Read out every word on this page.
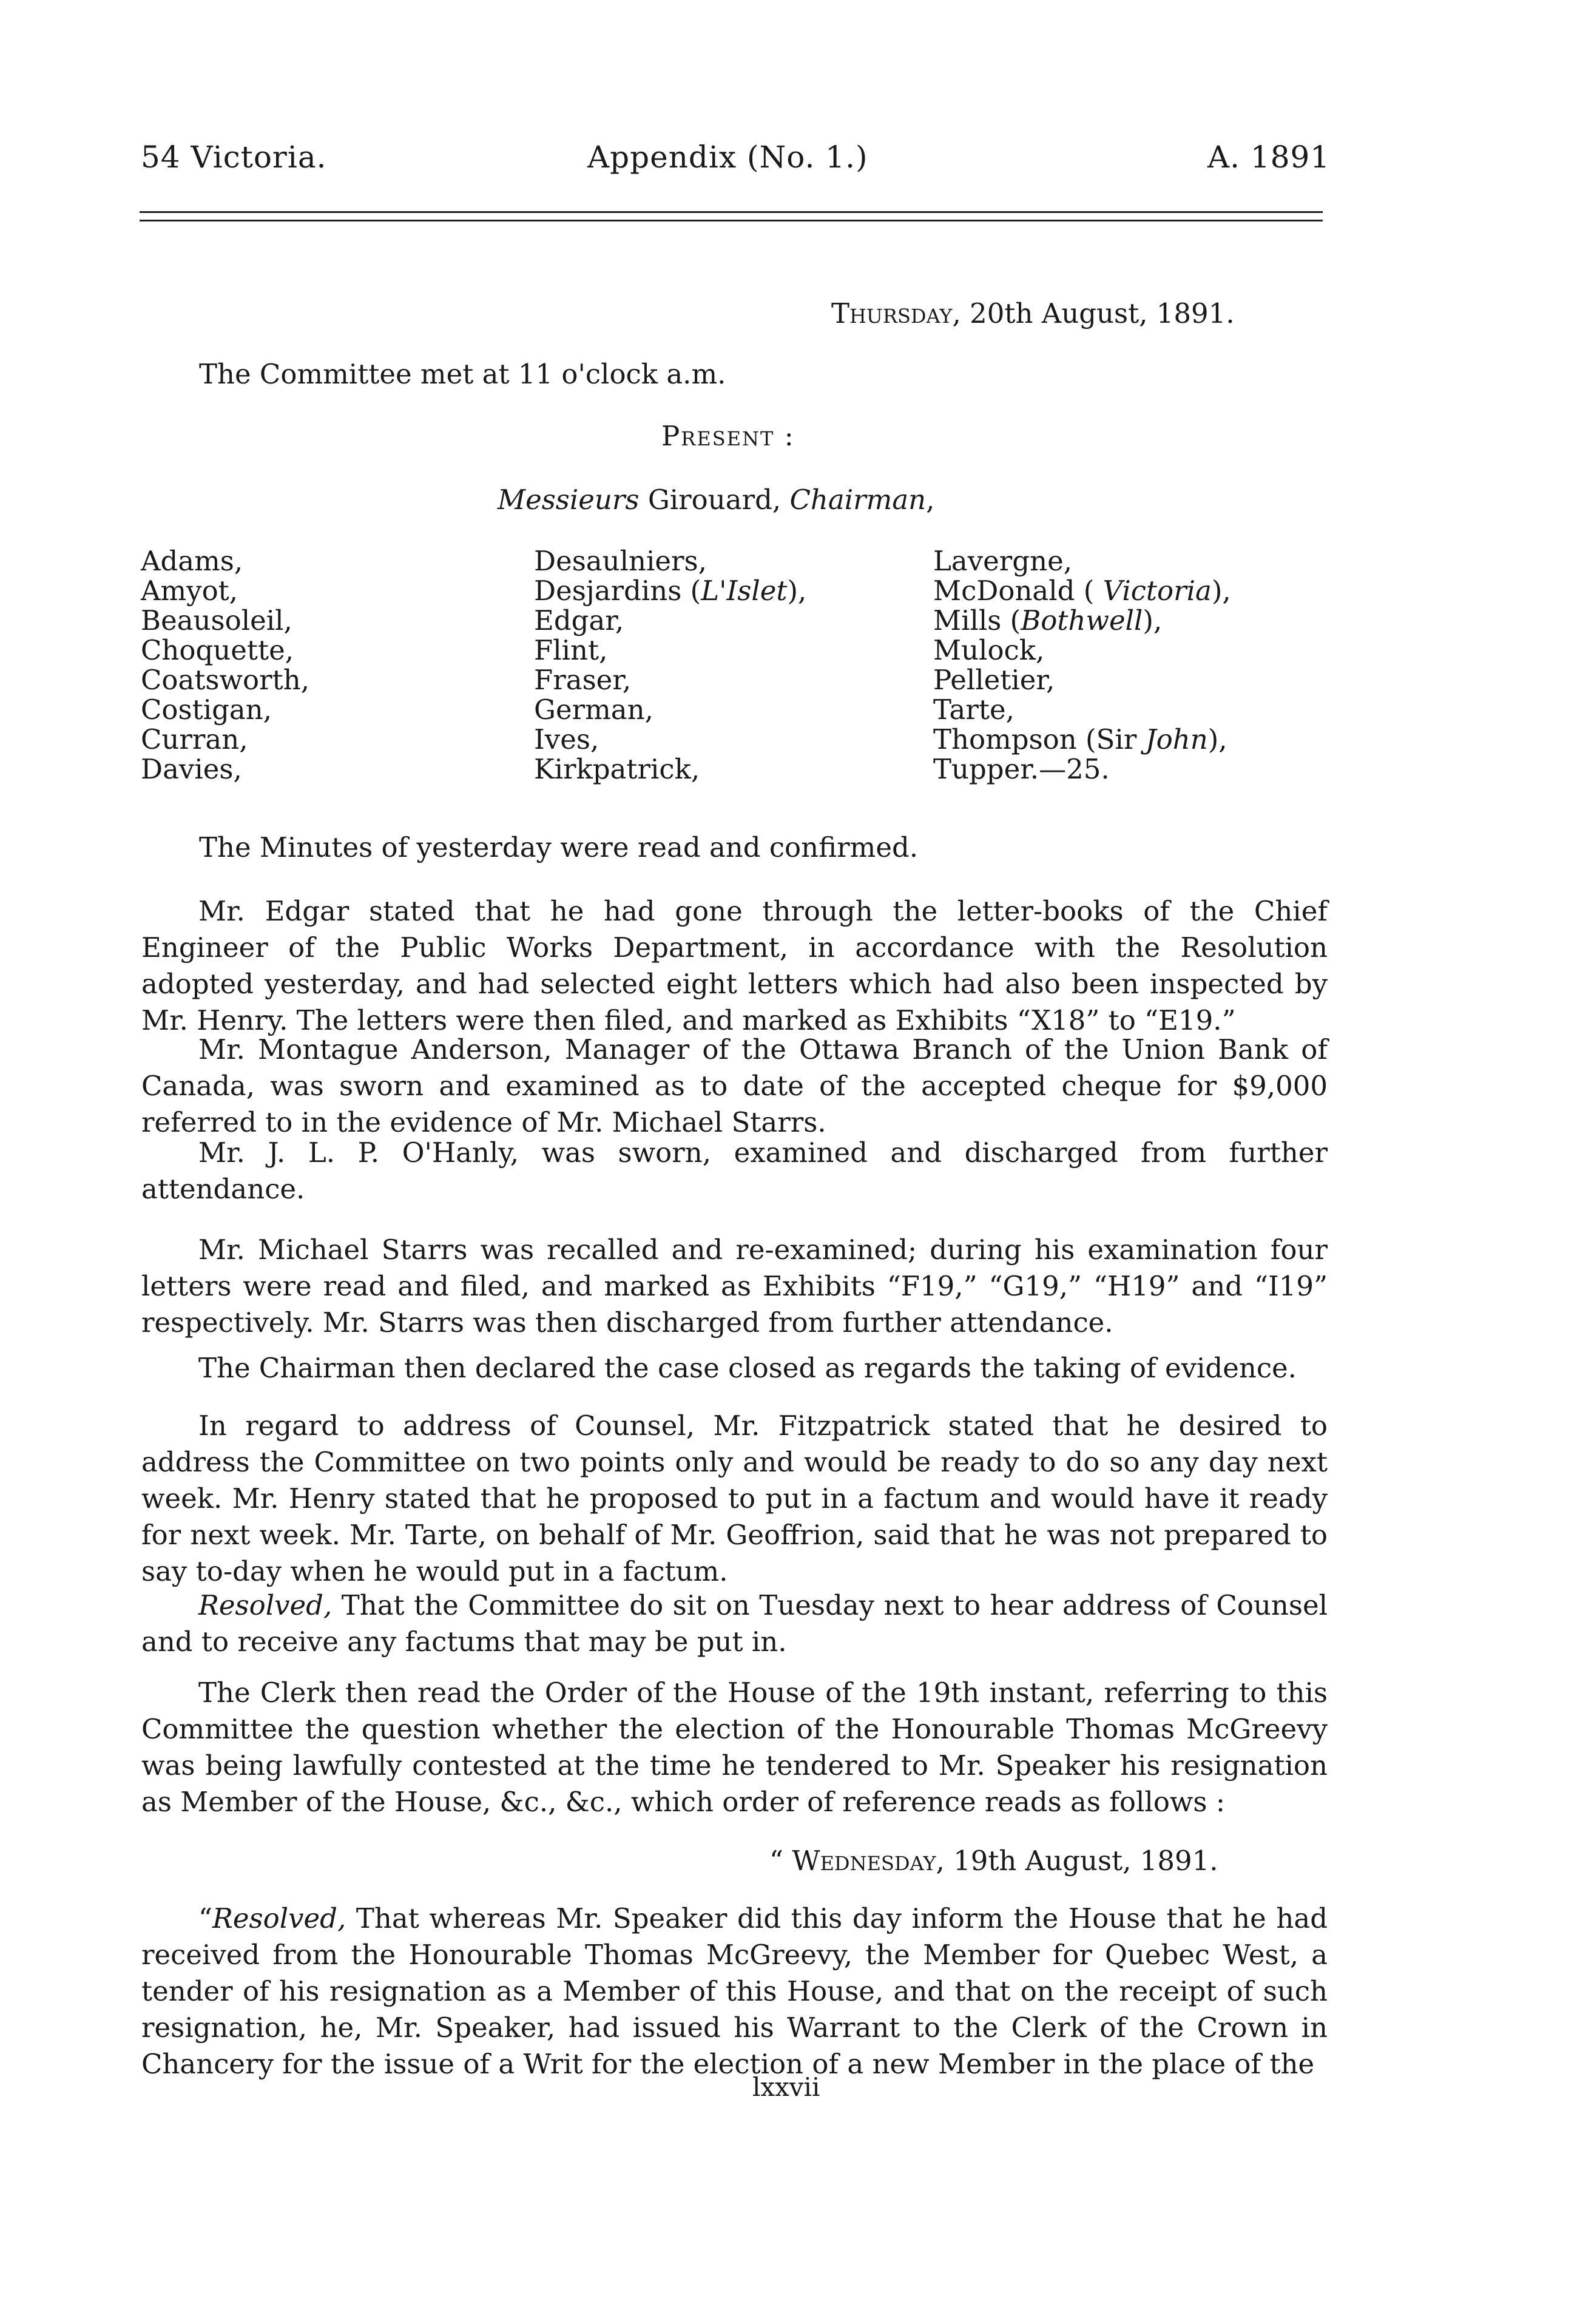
54 Victoria.	Appendix (No. 1.)	A. 1891
Thursday, 20th August, 1891.
The Committee met at 11 o'clock a.m.
Present :
Messieurs Girouard, Chairman,
Adams,
Amyot,
Beausoleil,
Choquette,
Coatsworth,
Costigan,
Curran,
Davies,
Desaulniers,
Desjardins (L'Islet),
Edgar,
Flint,
Fraser,
German,
Ives,
Kirkpatrick,
Lavergne,
McDonald ( Victoria),
Mills (Bothwell),
Mulock,
Pelletier,
Tarte,
Thompson (Sir John),
Tupper.—25.
The Minutes of yesterday were read and confirmed.
Mr. Edgar stated that he had gone through the letter-books of the Chief Engineer of the Public Works Department, in accordance with the Resolution adopted yesterday, and had selected eight letters which had also been inspected by Mr. Henry. The letters were then filed, and marked as Exhibits “X18” to “E19.”
Mr. Montague Anderson, Manager of the Ottawa Branch of the Union Bank of Canada, was sworn and examined as to date of the accepted cheque for $9,000 referred to in the evidence of Mr. Michael Starrs.
Mr. J. L. P. O'Hanly, was sworn, examined and discharged from further attendance.
Mr. Michael Starrs was recalled and re-examined; during his examination four letters were read and filed, and marked as Exhibits “F19,” “G19,” “H19” and “I19” respectively. Mr. Starrs was then discharged from further attendance.
The Chairman then declared the case closed as regards the taking of evidence.
In regard to address of Counsel, Mr. Fitzpatrick stated that he desired to address the Committee on two points only and would be ready to do so any day next week. Mr. Henry stated that he proposed to put in a factum and would have it ready for next week. Mr. Tarte, on behalf of Mr. Geoffrion, said that he was not prepared to say to-day when he would put in a factum.
Resolved, That the Committee do sit on Tuesday next to hear address of Counsel and to receive any factums that may be put in.
The Clerk then read the Order of the House of the 19th instant, referring to this Committee the question whether the election of the Honourable Thomas McGreevy was being lawfully contested at the time he tendered to Mr. Speaker his resignation as Member of the House, &c., &c., which order of reference reads as follows :
“ Wednesday, 19th August, 1891.
“Resolved, That whereas Mr. Speaker did this day inform the House that he had received from the Honourable Thomas McGreevy, the Member for Quebec West, a tender of his resignation as a Member of this House, and that on the receipt of such resignation, he, Mr. Speaker, had issued his Warrant to the Clerk of the Crown in Chancery for the issue of a Writ for the election of a new Member in the place of the
lxxvii
